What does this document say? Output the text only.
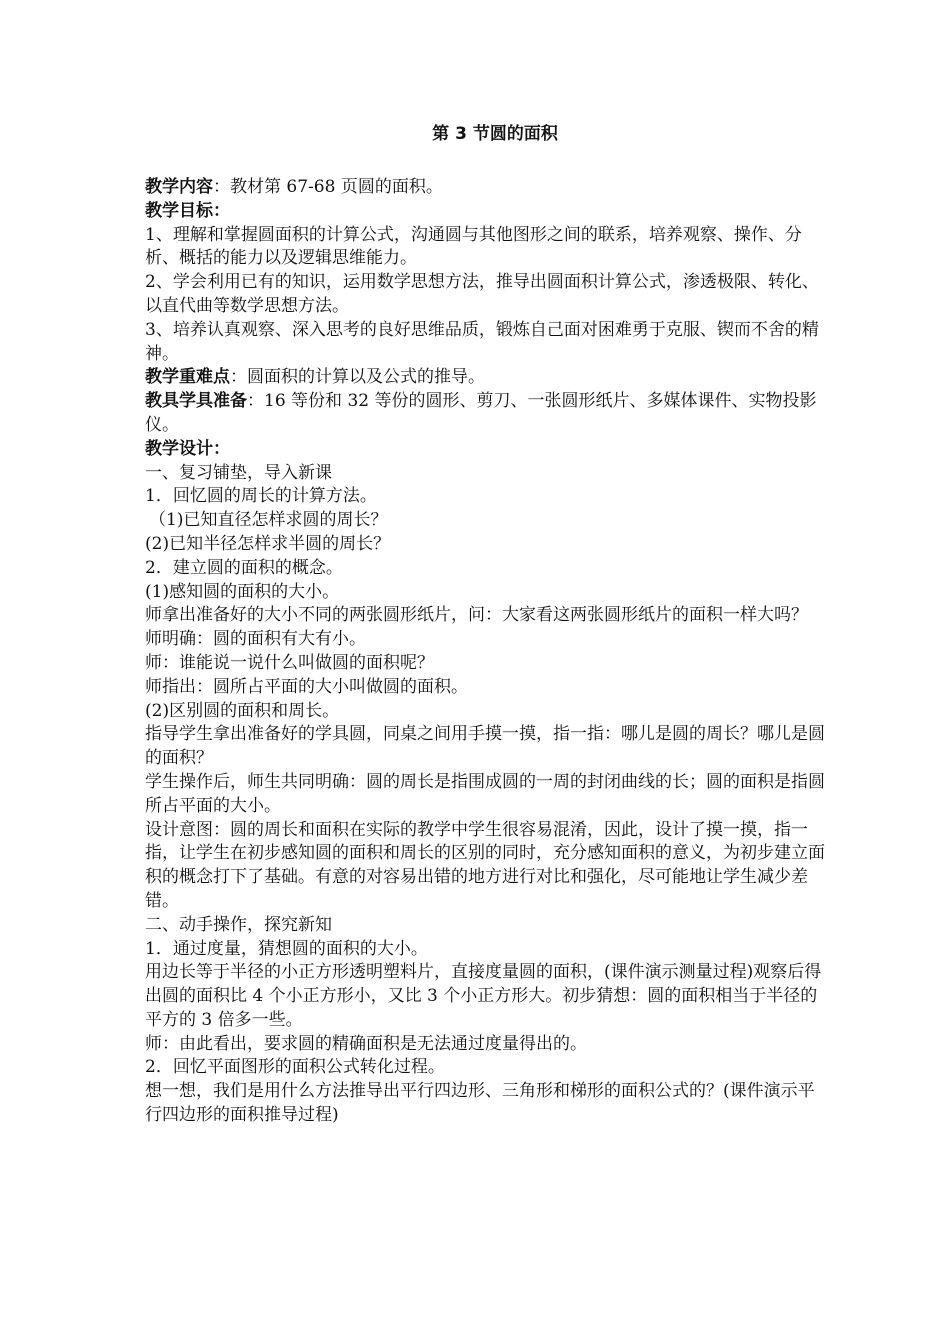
第 3 节圆的面积

教学内容：教材第 67-68 页圆的面积。

教学目标：

1、理解和掌握圆面积的计算公式，沟通圆与其他图形之间的联系，培养观察、操作、分析、概括的能力以及逻辑思维能力。

2、学会利用已有的知识，运用数学思想方法，推导出圆面积计算公式，渗透极限、转化、以直代曲等数学思想方法。

3、培养认真观察、深入思考的良好思维品质，锻炼自己面对困难勇于克服、锲而不舍的精神。

教学重难点：圆面积的计算以及公式的推导。

教具学具准备：16 等份和 32 等份的圆形、剪刀、一张圆形纸片、多媒体课件、实物投影仪。

教学设计：

一、复习铺垫，导入新课

1．回忆圆的周长的计算方法。

（1)已知直径怎样求圆的周长？

(2)已知半径怎样求半圆的周长？

2．建立圆的面积的概念。

(1)感知圆的面积的大小。

师拿出准备好的大小不同的两张圆形纸片，问：大家看这两张圆形纸片的面积一样大吗？

师明确：圆的面积有大有小。

师：谁能说一说什么叫做圆的面积呢？

师指出：圆所占平面的大小叫做圆的面积。

(2)区别圆的面积和周长。

指导学生拿出准备好的学具圆，同桌之间用手摸一摸，指一指：哪儿是圆的周长？哪儿是圆的面积？

学生操作后，师生共同明确：圆的周长是指围成圆的一周的封闭曲线的长；圆的面积是指圆所占平面的大小。

设计意图：圆的周长和面积在实际的教学中学生很容易混淆，因此，设计了摸一摸，指一指，让学生在初步感知圆的面积和周长的区别的同时，充分感知面积的意义，为初步建立面积的概念打下了基础。有意的对容易出错的地方进行对比和强化，尽可能地让学生减少差错。

二、动手操作，探究新知

1．通过度量，猜想圆的面积的大小。

用边长等于半径的小正方形透明塑料片，直接度量圆的面积，(课件演示测量过程)观察后得出圆的面积比 4 个小正方形小，又比 3 个小正方形大。初步猜想：圆的面积相当于半径的平方的 3 倍多一些。

师：由此看出，要求圆的精确面积是无法通过度量得出的。

2．回忆平面图形的面积公式转化过程。

想一想，我们是用什么方法推导出平行四边形、三角形和梯形的面积公式的？(课件演示平行四边形的面积推导过程)
